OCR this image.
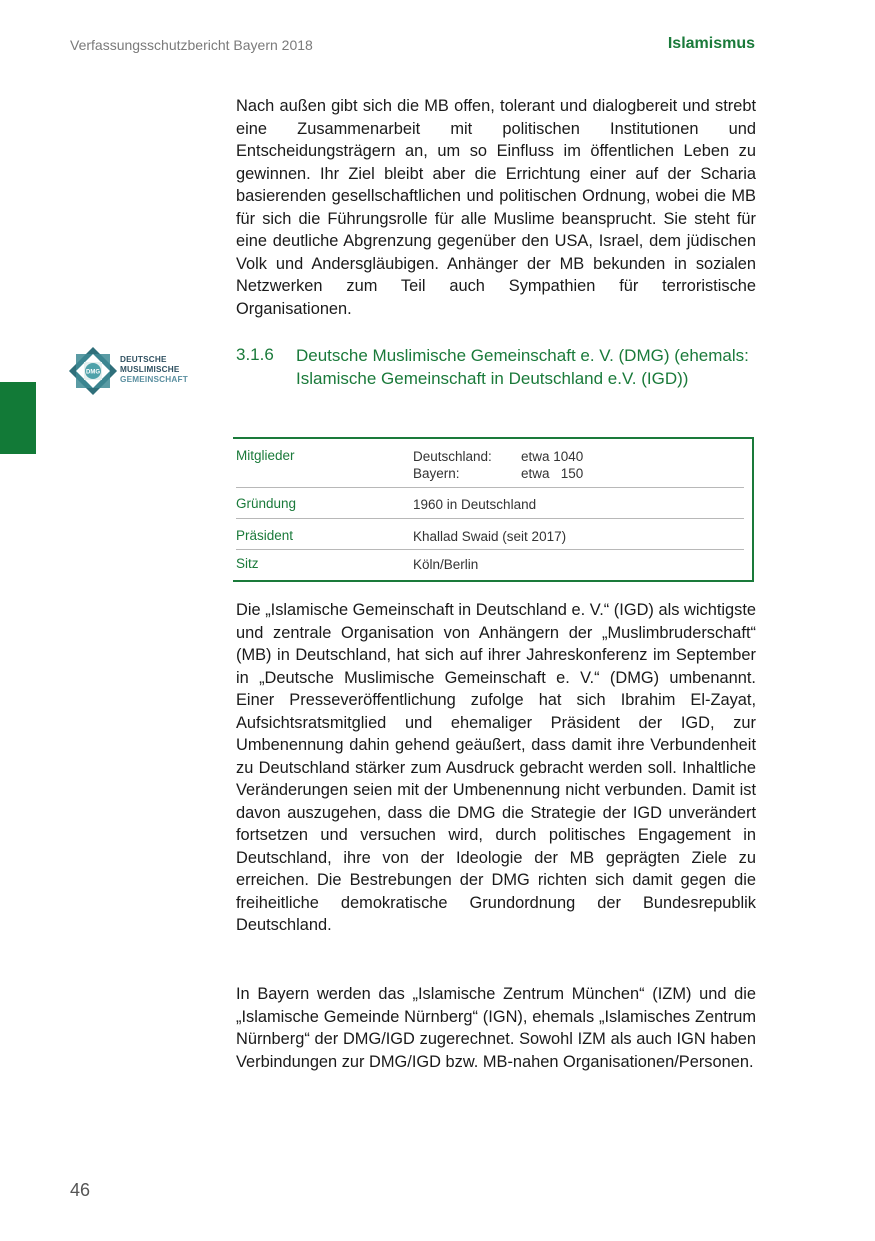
Verfassungsschutzbericht Bayern 2018	Islamismus

Nach außen gibt sich die MB offen, tolerant und dialogbereit und strebt eine Zusammenarbeit mit politischen Institutionen und Entscheidungsträgern an, um so Einfluss im öffentlichen Leben zu gewinnen. Ihr Ziel bleibt aber die Errichtung einer auf der Scharia basierenden gesellschaftlichen und politischen Ordnung, wobei die MB für sich die Führungsrolle für alle Muslime beansprucht. Sie steht für eine deutliche Abgrenzung gegenüber den USA, Israel, dem jüdischen Volk und Andersgläubigen. Anhänger der MB bekunden in sozialen Netzwerken zum Teil auch Sympathien für terroristische Organisationen.

DMG
DEUTSCHE
MUSLIMISCHE
GEMEINSCHAFT
3.1.6 Deutsche Muslimische Gemeinschaft e. V. (DMG) (ehemals: Islamische Gemeinschaft in Deutschland e.V. (IGD))
Mitglieder	Deutschland: etwa 1040
Bayern:	etwa   150
Gründung	1960 in Deutschland
Präsident	Khallad Swaid (seit 2017)
Sitz	Köln/Berlin

Die „Islamische Gemeinschaft in Deutschland e. V.“ (IGD) als wichtigste und zentrale Organisation von Anhängern der „Muslimbruderschaft“ (MB) in Deutschland, hat sich auf ihrer Jahreskonferenz im September in „Deutsche Muslimische Gemeinschaft e. V.“ (DMG) umbenannt. Einer Presseveröffentlichung zufolge hat sich Ibrahim El-Zayat, Aufsichtsratsmitglied und ehemaliger Präsident der IGD, zur Umbenennung dahin gehend geäußert, dass damit ihre Verbundenheit zu Deutschland stärker zum Ausdruck gebracht werden soll. Inhaltliche Veränderungen seien mit der Umbenennung nicht verbunden. Damit ist davon auszugehen, dass die DMG die Strategie der IGD unverändert fortsetzen und versuchen wird, durch politisches Engagement in Deutschland, ihre von der Ideologie der MB geprägten Ziele zu erreichen. Die Bestrebungen der DMG richten sich damit gegen die freiheitliche demokratische Grundordnung der Bundesrepublik Deutschland.

In Bayern werden das „Islamische Zentrum München“ (IZM) und die „Islamische Gemeinde Nürnberg“ (IGN), ehemals „Islamisches Zentrum Nürnberg“ der DMG/IGD zugerechnet. Sowohl IZM als auch IGN haben Verbindungen zur DMG/IGD bzw. MB-nahen Organisationen/Personen.

46
